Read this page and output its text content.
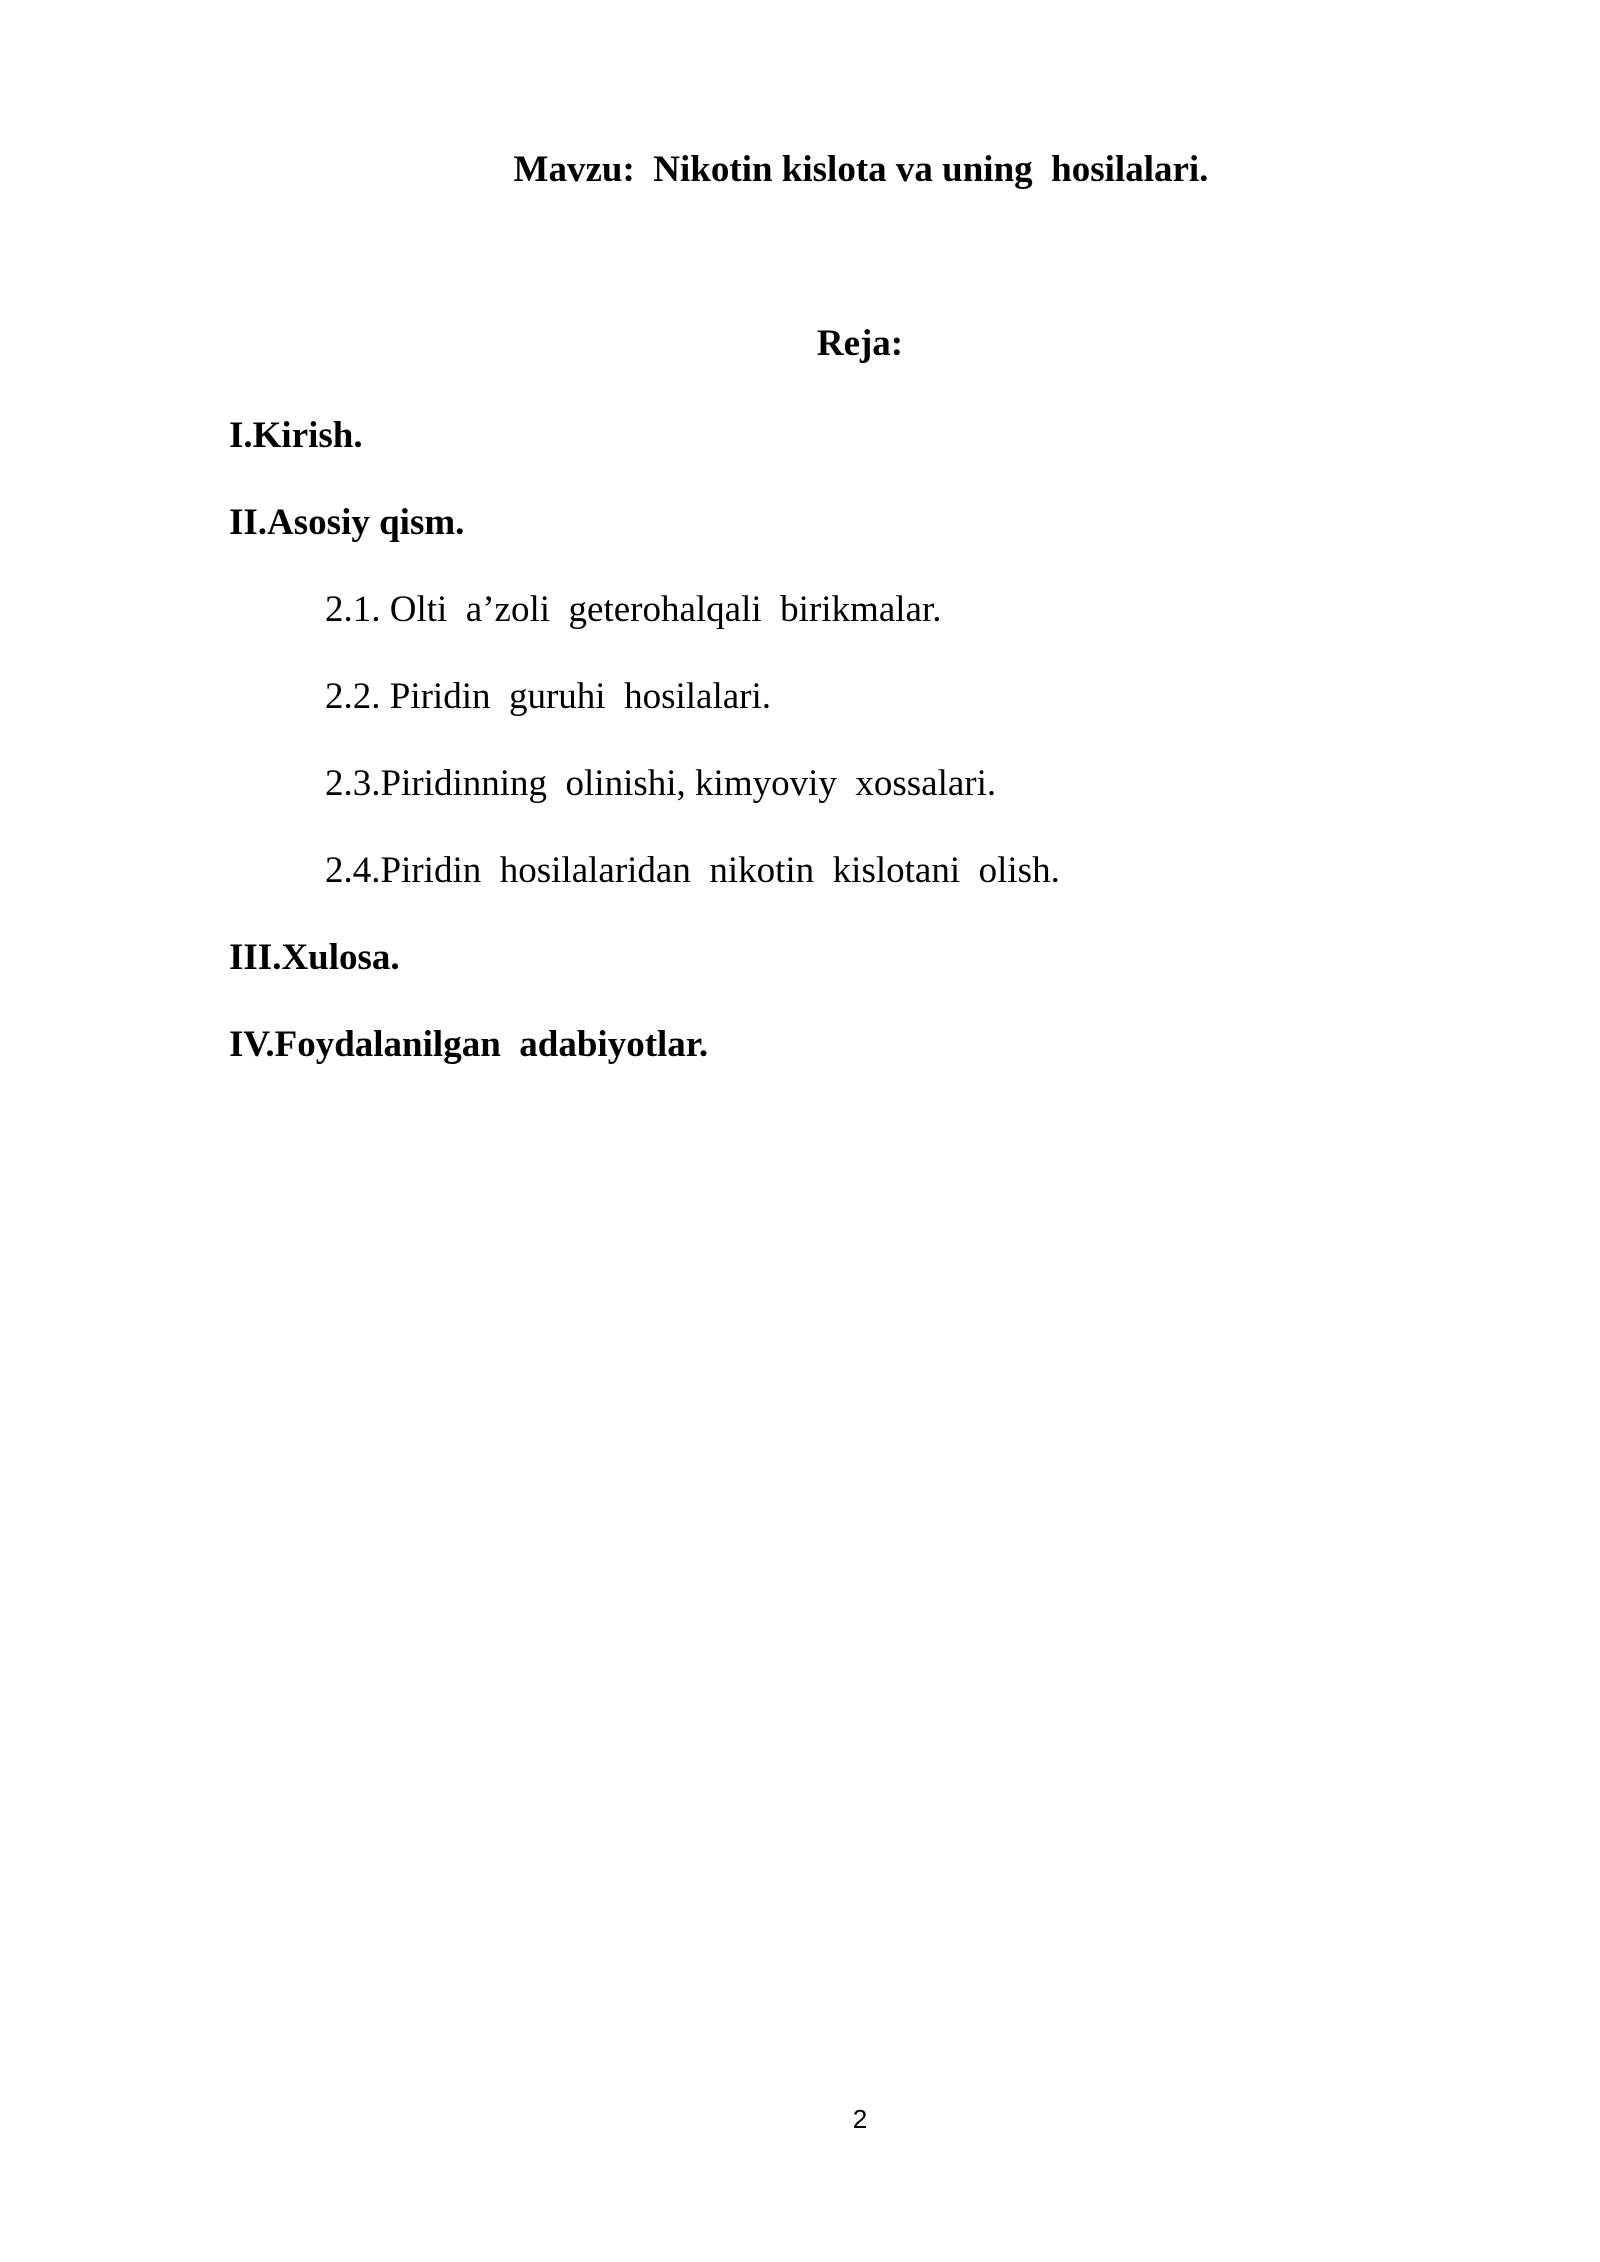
Mavzu:  Nikotin kislota va uning  hosilalari.
Reja:
I.Kirish.
II.Asosiy qism.
2.1. Olti  a’zoli  geterohalqali  birikmalar.
2.2. Piridin  guruhi  hosilalari.
2.3.Piridinning  olinishi, kimyoviy  xossalari.
2.4.Piridin  hosilalaridan  nikotin  kislotani  olish.
III.Xulosa.
IV.Foydalanilgan  adabiyotlar.
2
